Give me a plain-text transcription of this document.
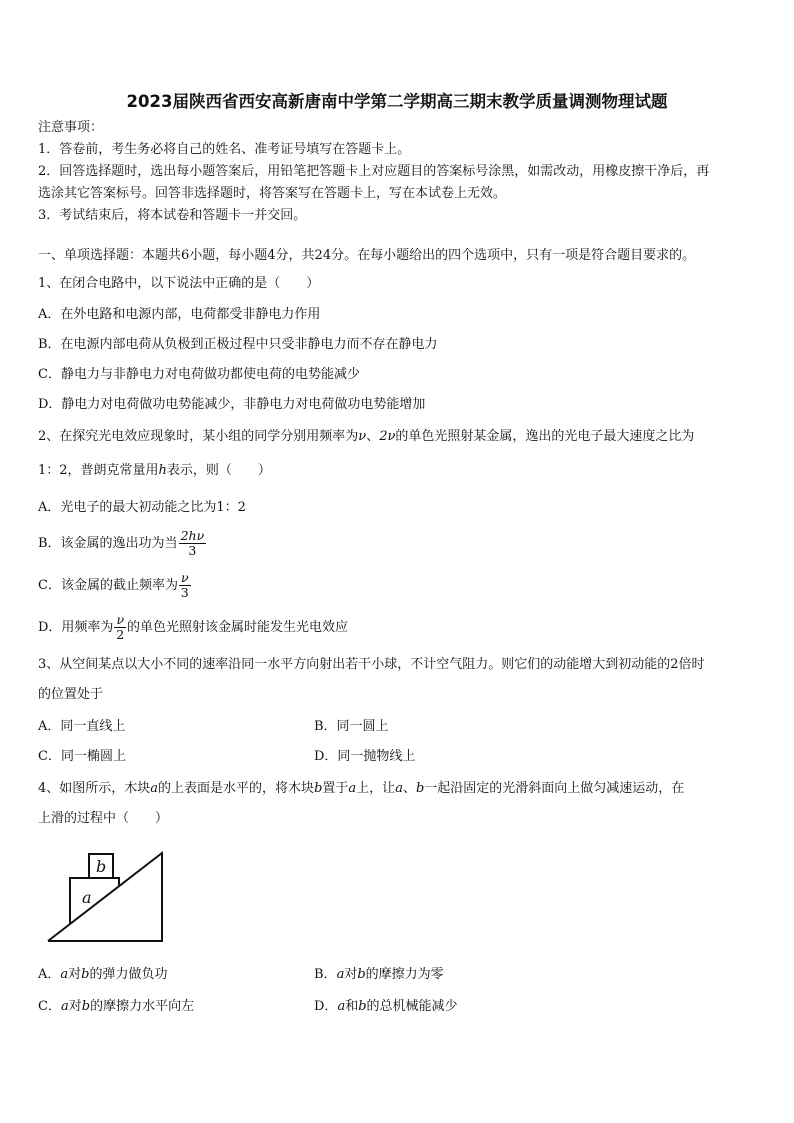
2023届陕西省西安高新唐南中学第二学期高三期末教学质量调测物理试题
注意事项：
1．答卷前，考生务必将自己的姓名、准考证号填写在答题卡上。
2．回答选择题时，选出每小题答案后，用铅笔把答题卡上对应题目的答案标号涂黑，如需改动，用橡皮擦干净后，再
选涂其它答案标号。回答非选择题时，将答案写在答题卡上，写在本试卷上无效。
3．考试结束后，将本试卷和答题卡一并交回。
一、单项选择题：本题共6小题，每小题4分，共24分。在每小题给出的四个选项中，只有一项是符合题目要求的。
1、在闭合电路中，以下说法中正确的是（　　）
A．在外电路和电源内部，电荷都受非静电力作用
B．在电源内部电荷从负极到正极过程中只受非静电力而不存在静电力
C．静电力与非静电力对电荷做功都使电荷的电势能减少
D．静电力对电荷做功电势能减少，非静电力对电荷做功电势能增加
2、在探究光电效应现象时，某小组的同学分别用频率为ν、2ν的单色光照射某金属，逸出的光电子最大速度之比为
1：2，普朗克常量用h表示，则（　　）
A．光电子的最大初动能之比为1：2
B．该金属的逸出功为当 $\frac{2h\nu}{3}$
C．该金属的截止频率为 $\frac{\nu}{3}$
D．用频率为 $\frac{\nu}{2}$ 的单色光照射该金属时能发生光电效应
3、从空间某点以大小不同的速率沿同一水平方向射出若干小球，不计空气阻力。则它们的动能增大到初动能的2倍时
的位置处于
A．同一直线上	B．同一圆上
C．同一椭圆上	D．同一抛物线上
4、如图所示，木块a的上表面是水平的，将木块b置于a上，让a、b一起沿固定的光滑斜面向上做匀减速运动，在
上滑的过程中（　　）
a
b
A．a对b的弹力做负功	B．a对b的摩擦力为零
C．a对b的摩擦力水平向左	D．a和b的总机械能减少
